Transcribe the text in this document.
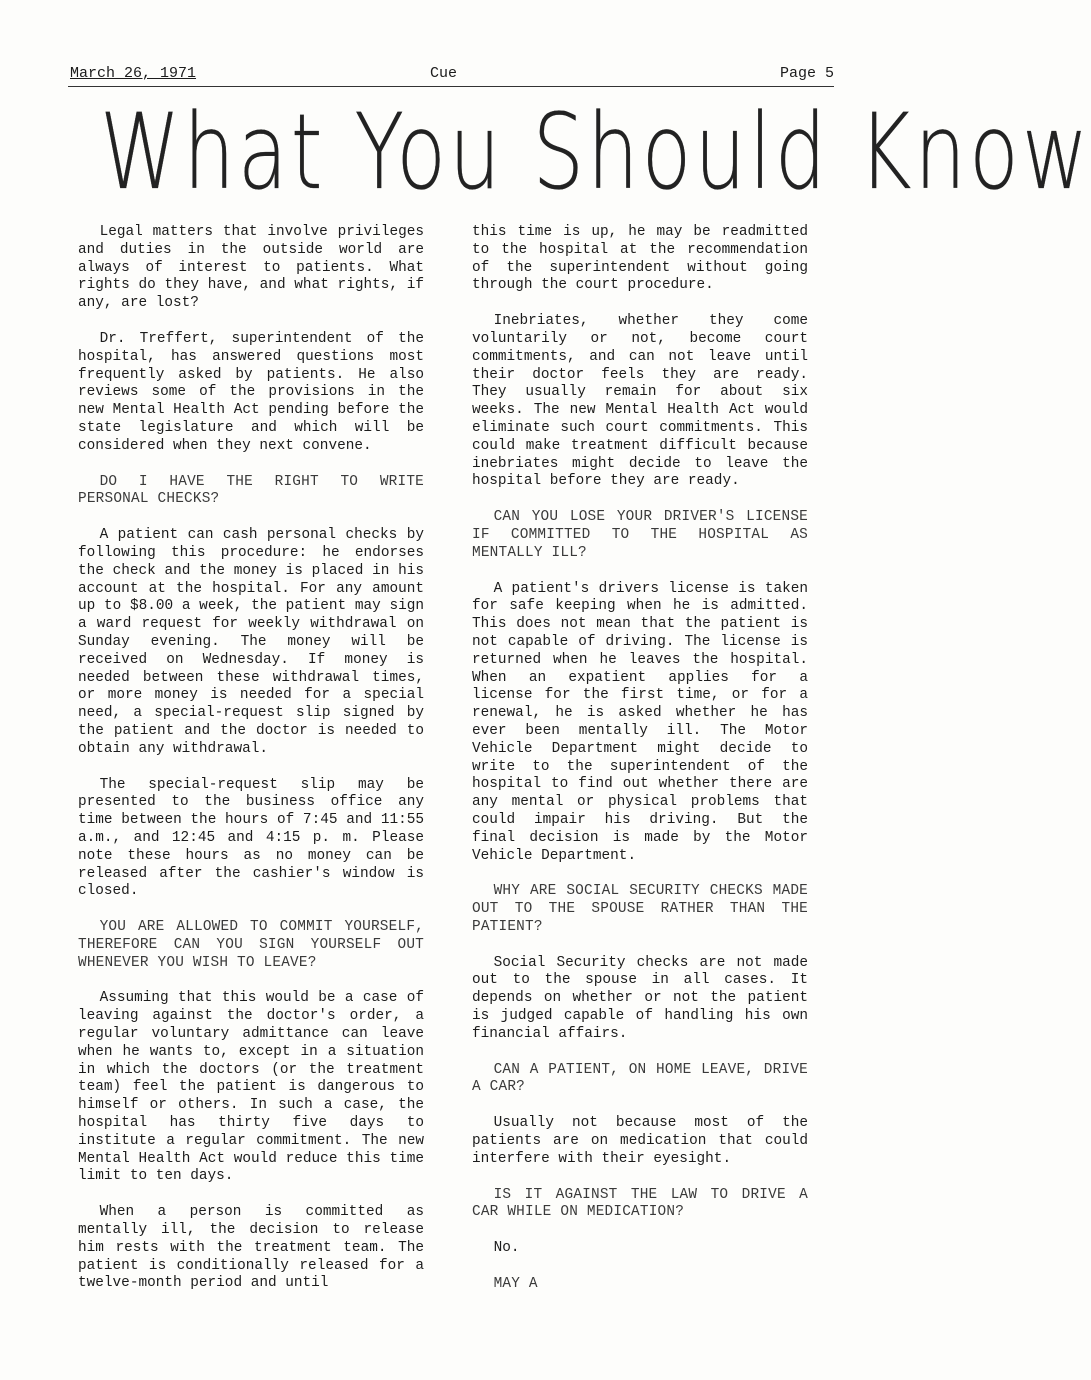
March 26, 1971	Cue	Page 5
What You Should Know

Legal matters that involve privileges and duties in the outside world are always of interest to patients. What rights do they have, and what rights, if any, are lost?

Dr. Treffert, superintendent of the hospital, has answered questions most frequently asked by patients. He also reviews some of the provisions in the new Mental Health Act pending before the state legislature and which will be considered when they next convene.

DO I HAVE THE RIGHT TO WRITE PERSONAL CHECKS?

A patient can cash personal checks by following this procedure: he endorses the check and the money is placed in his account at the hospital. For any amount up to $8.00 a week, the patient may sign a ward request for weekly withdrawal on Sunday evening. The money will be received on Wednesday. If money is needed between these withdrawal times, or more money is needed for a special need, a special-request slip signed by the patient and the doctor is needed to obtain any withdrawal.

The special-request slip may be presented to the business office any time between the hours of 7:45 and 11:55 a.m., and 12:45 and 4:15 p. m. Please note these hours as no money can be released after the cashier's window is closed.

YOU ARE ALLOWED TO COMMIT YOURSELF, THEREFORE CAN YOU SIGN YOURSELF OUT WHENEVER YOU WISH TO LEAVE?

Assuming that this would be a case of leaving against the doctor's order, a regular voluntary admittance can leave when he wants to, except in a situation in which the doctors (or the treatment team) feel the patient is dangerous to himself or others. In such a case, the hospital has thirty five days to institute a regular commitment. The new Mental Health Act would reduce this time limit to ten days.

When a person is committed as mentally ill, the decision to release him rests with the treatment team. The patient is conditionally released for a twelve-month period and until

this time is up, he may be readmitted to the hospital at the recommendation of the superintendent without going through the court procedure.

Inebriates, whether they come voluntarily or not, become court commitments, and can not leave until their doctor feels they are ready. They usually remain for about six weeks. The new Mental Health Act would eliminate such court commitments. This could make treatment difficult because inebriates might decide to leave the hospital before they are ready.

CAN YOU LOSE YOUR DRIVER'S LICENSE IF COMMITTED TO THE HOSPITAL AS MENTALLY ILL?

A patient's drivers license is taken for safe keeping when he is admitted. This does not mean that the patient is not capable of driving. The license is returned when he leaves the hospital. When an expatient applies for a license for the first time, or for a renewal, he is asked whether he has ever been mentally ill. The Motor Vehicle Department might decide to write to the superintendent of the hospital to find out whether there are any mental or physical problems that could impair his driving. But the final decision is made by the Motor Vehicle Department.

WHY ARE SOCIAL SECURITY CHECKS MADE OUT TO THE SPOUSE RATHER THAN THE PATIENT?

Social Security checks are not made out to the spouse in all cases. It depends on whether or not the patient is judged capable of handling his own financial affairs.

CAN A PATIENT, ON HOME LEAVE, DRIVE A CAR?

Usually not because most of the patients are on medication that could interfere with their eyesight.

IS IT AGAINST THE LAW TO DRIVE A CAR WHILE ON MEDICATION?

No.

MAY A
